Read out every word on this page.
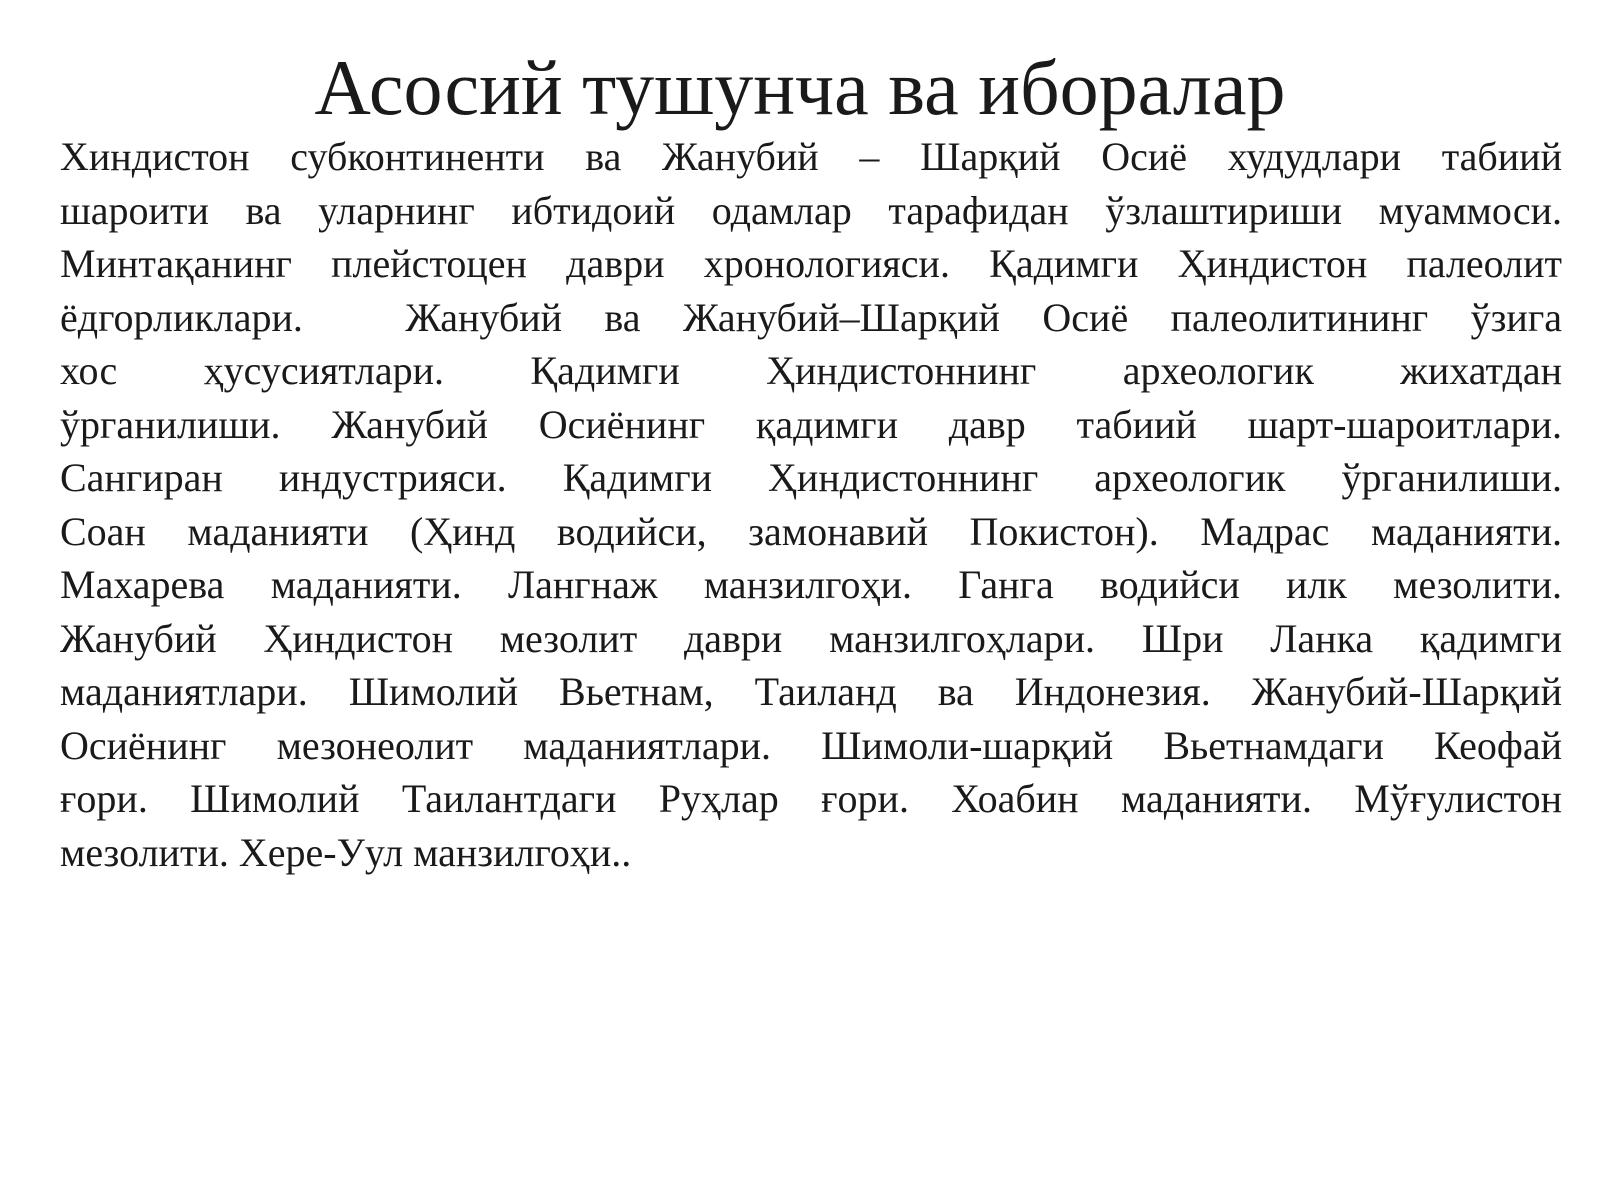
Асосий тушунча ва иборалар
Хиндистон субконтиненти ва Жанубий – Шарқий Осиё худудлари табиий
шароити ва уларнинг ибтидоий одамлар тарафидан ўзлаштириши муаммоси.
Минтақанинг плейстоцен даври хронологияси. Қадимги Ҳиндистон палеолит
ёдгорликлари.	Жанубий ва Жанубий–Шарқий Осиё палеолитининг ўзига
хос ҳусусиятлари. Қадимги Ҳиндистоннинг археологик жихатдан
ўрганилиши. Жанубий Осиёнинг қадимги давр табиий шарт-шароитлари.
Сангиран индустрияси. Қадимги Ҳиндистоннинг археологик ўрганилиши.
Соан маданияти (Ҳинд водийси, замонавий Покистон). Мадрас маданияти.
Махарева маданияти. Лангнаж манзилгоҳи. Ганга водийси илк мезолити.
Жанубий Ҳиндистон мезолит даври манзилгоҳлари. Шри Ланка қадимги
маданиятлари. Шимолий Вьетнам, Таиланд ва Индонезия. Жанубий-Шарқий
Осиёнинг мезонеолит маданиятлари. Шимоли-шарқий Вьетнамдаги Кеофай
ғори. Шимолий Таилантдаги Руҳлар ғори. Хоабин маданияти. Мўғулистон
мезолити. Хере-Уул манзилгоҳи..
